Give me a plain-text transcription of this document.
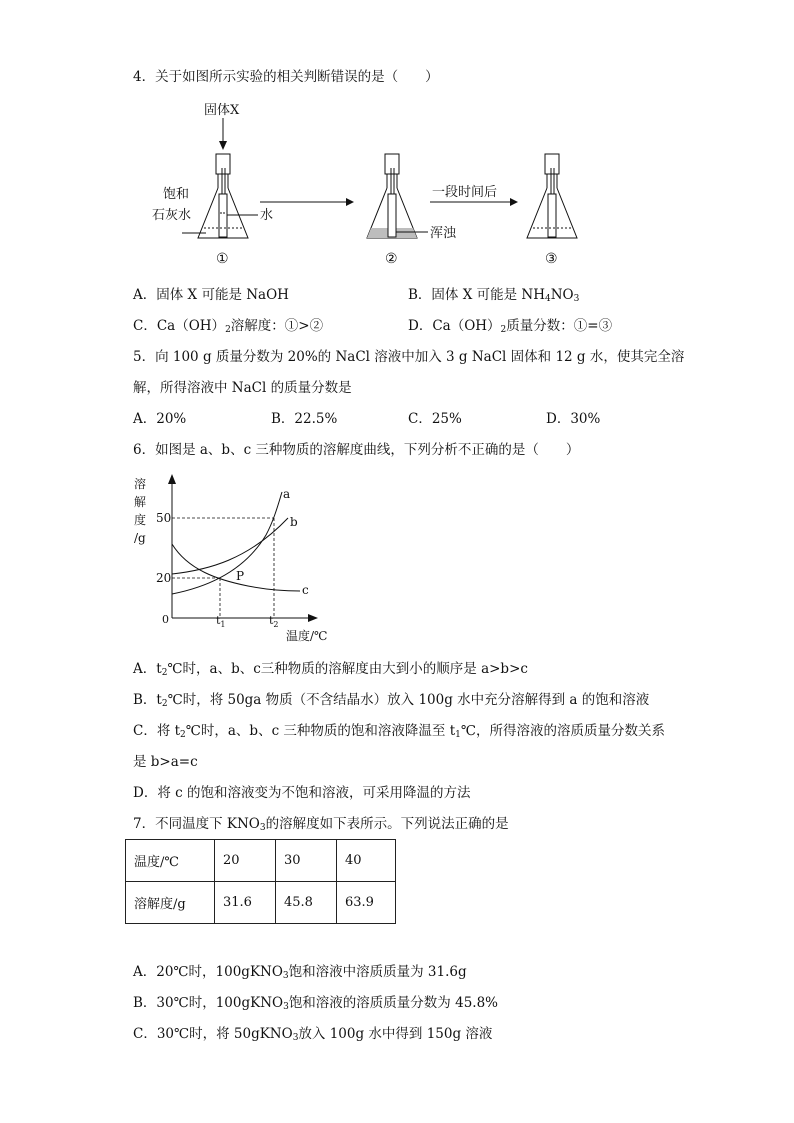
4．关于如图所示实验的相关判断错误的是（　　）
固体X
饱和
石灰水	水
①
浑浊
②
一段时间后
③
A．固体 X 可能是 NaOH	B．固体 X 可能是 $NH_4NO_3$
C．$Ca(OH)_2$溶解度：①>②	D．$Ca(OH)_2$质量分数：①=③
5．向 100 g 质量分数为 20%的 NaCl 溶液中加入 3 g NaCl 固体和 12 g 水，使其完全溶
解，所得溶液中 NaCl 的质量分数是
A．20%	B．22.5%	C．25%	D．30%
6．如图是 a、b、c 三种物质的溶解度曲线，下列分析不正确的是（　　）
溶
解
度
/g
50
20
0	$t_1$	$t_2$
温度/℃
a
b
c
P
A．$t_2℃$时，a、b、c三种物质的溶解度由大到小的顺序是 a>b>c
B．$t_2℃$时，将 50ga 物质（不含结晶水）放入 100g 水中充分溶解得到 a 的饱和溶液
C．将 $t_2℃$时，a、b、c 三种物质的饱和溶液降温至 $t_1℃$，所得溶液的溶质质量分数关系
是 b>a=c
D．将 c 的饱和溶液变为不饱和溶液，可采用降温的方法
7．不同温度下 $KNO_3$的溶解度如下表所示。下列说法正确的是
温度/℃	20	30	40
溶解度/g	31.6	45.8	63.9
A．20℃时，100gKNO$_3$饱和溶液中溶质质量为 31.6g
B．30℃时，100gKNO$_3$饱和溶液的溶质质量分数为 45.8%
C．30℃时，将 50gKNO$_3$放入 100g 水中得到 150g 溶液
